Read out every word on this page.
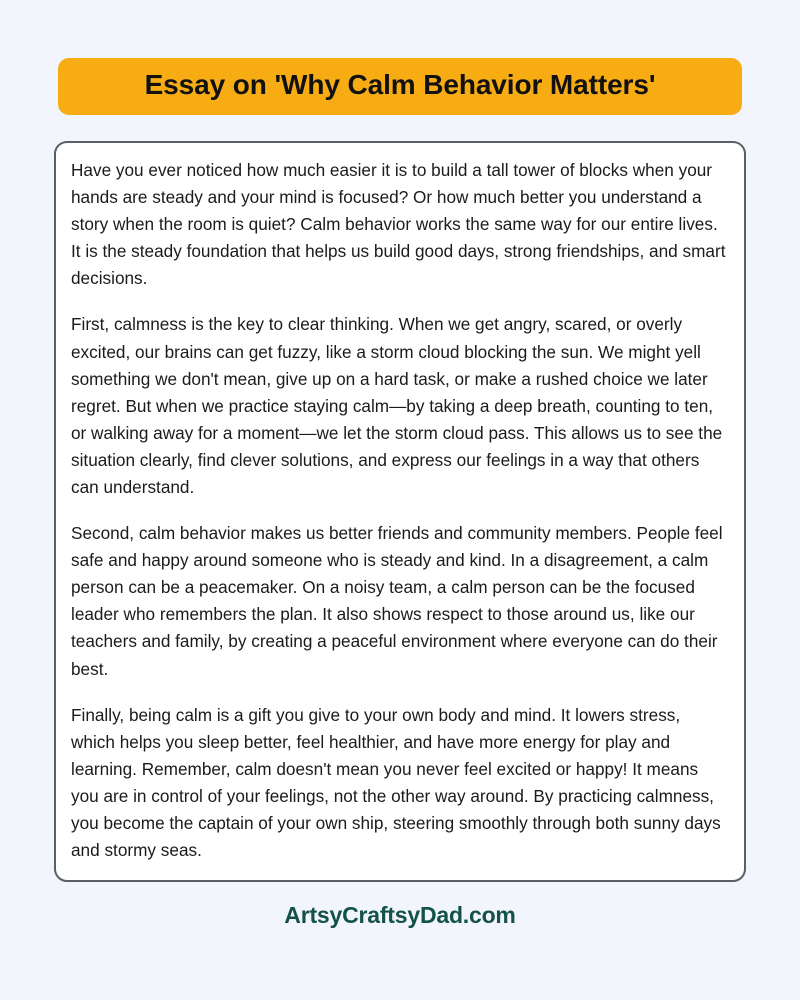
Essay on 'Why Calm Behavior Matters'

Have you ever noticed how much easier it is to build a tall tower of blocks when your hands are steady and your mind is focused? Or how much better you understand a story when the room is quiet? Calm behavior works the same way for our entire lives. It is the steady foundation that helps us build good days, strong friendships, and smart decisions.

First, calmness is the key to clear thinking. When we get angry, scared, or overly excited, our brains can get fuzzy, like a storm cloud blocking the sun. We might yell something we don't mean, give up on a hard task, or make a rushed choice we later regret. But when we practice staying calm—by taking a deep breath, counting to ten, or walking away for a moment—we let the storm cloud pass. This allows us to see the situation clearly, find clever solutions, and express our feelings in a way that others can understand.

Second, calm behavior makes us better friends and community members. People feel safe and happy around someone who is steady and kind. In a disagreement, a calm person can be a peacemaker. On a noisy team, a calm person can be the focused leader who remembers the plan. It also shows respect to those around us, like our teachers and family, by creating a peaceful environment where everyone can do their best.

Finally, being calm is a gift you give to your own body and mind. It lowers stress, which helps you sleep better, feel healthier, and have more energy for play and learning. Remember, calm doesn't mean you never feel excited or happy! It means you are in control of your feelings, not the other way around. By practicing calmness, you become the captain of your own ship, steering smoothly through both sunny days and stormy seas.

ArtsyCraftsyDad.com
